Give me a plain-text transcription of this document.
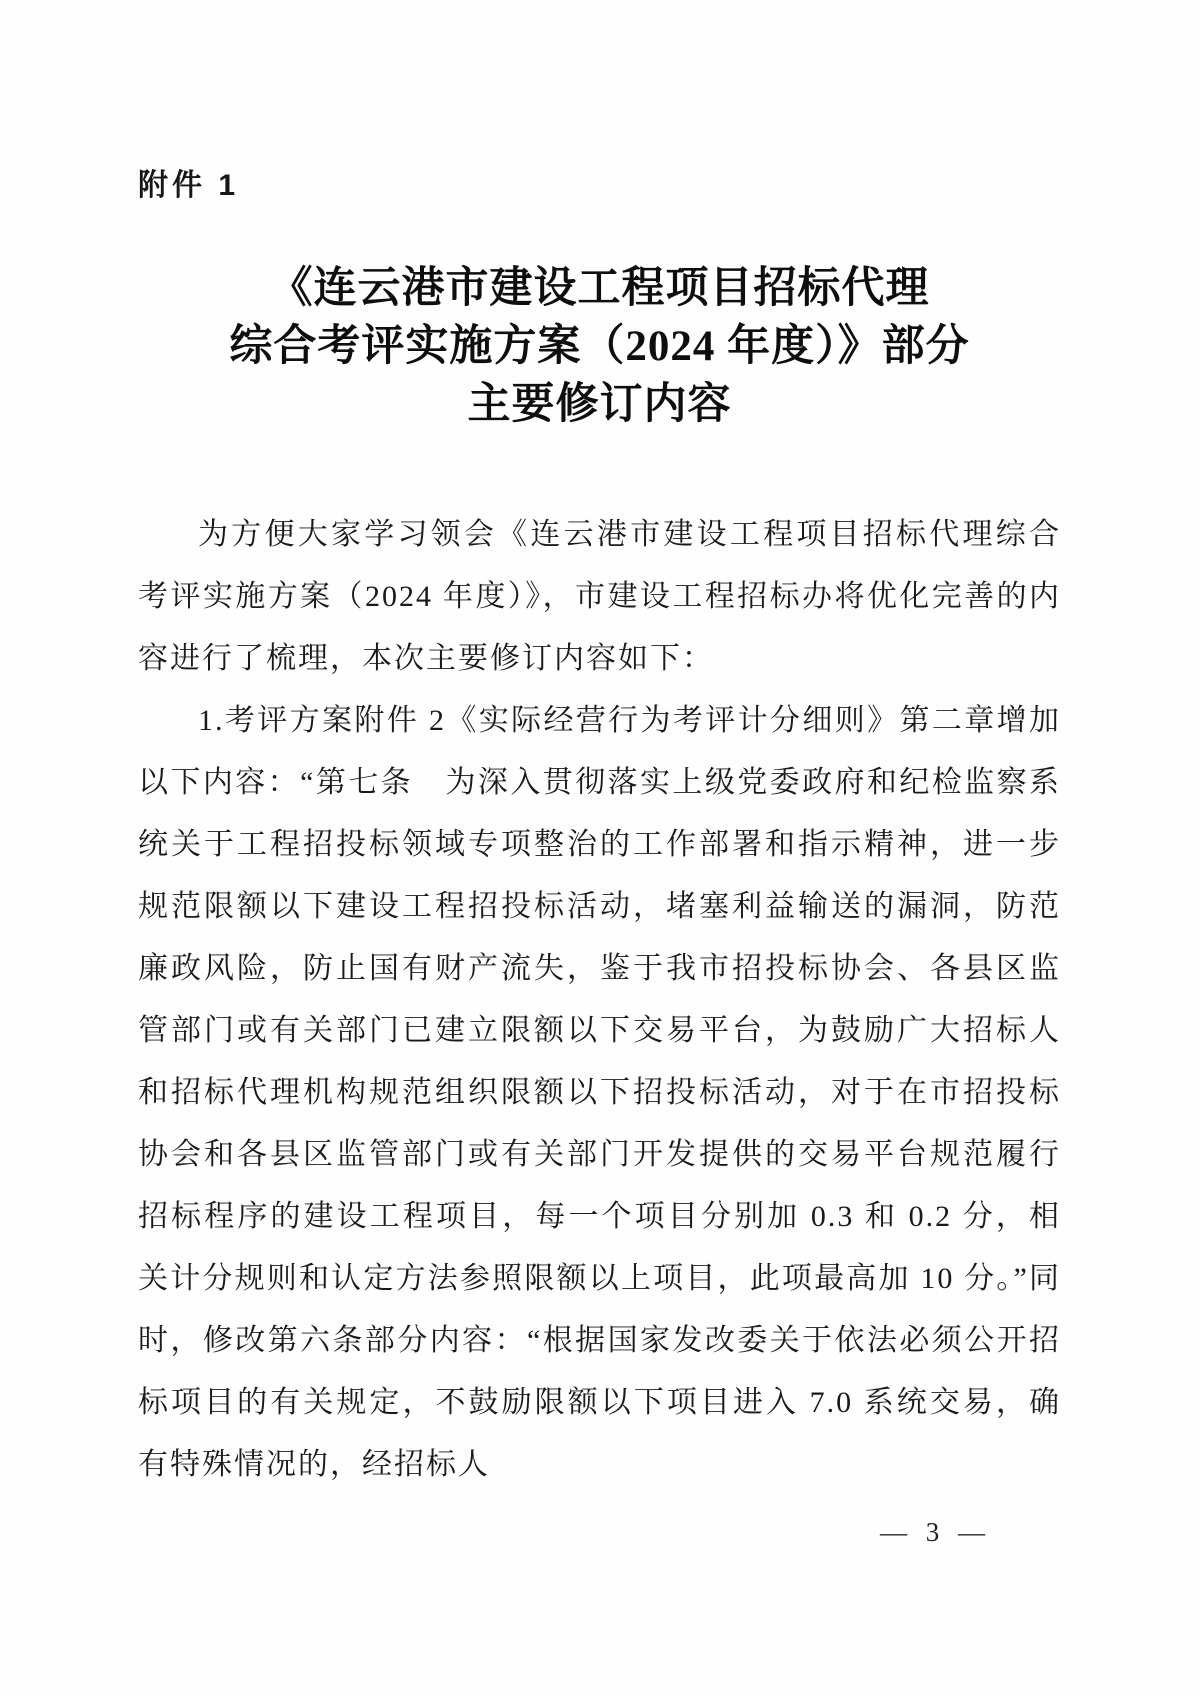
附件 1
《连云港市建设工程项目招标代理
综合考评实施方案（2024 年度）》部分
主要修订内容

为方便大家学习领会《连云港市建设工程项目招标代理综合考评实施方案（2024 年度）》，市建设工程招标办将优化完善的内容进行了梳理，本次主要修订内容如下：

1.考评方案附件 2《实际经营行为考评计分细则》第二章增加以下内容：“第七条　为深入贯彻落实上级党委政府和纪检监察系统关于工程招投标领域专项整治的工作部署和指示精神，进一步规范限额以下建设工程招投标活动，堵塞利益输送的漏洞，防范廉政风险，防止国有财产流失，鉴于我市招投标协会、各县区监管部门或有关部门已建立限额以下交易平台，为鼓励广大招标人和招标代理机构规范组织限额以下招投标活动，对于在市招投标协会和各县区监管部门或有关部门开发提供的交易平台规范履行招标程序的建设工程项目，每一个项目分别加 0.3 和 0.2 分，相关计分规则和认定方法参照限额以上项目，此项最高加 10 分。”同时，修改第六条部分内容：“根据国家发改委关于依法必须公开招标项目的有关规定，不鼓励限额以下项目进入 7.0 系统交易，确有特殊情况的，经招标人

— 3 —
